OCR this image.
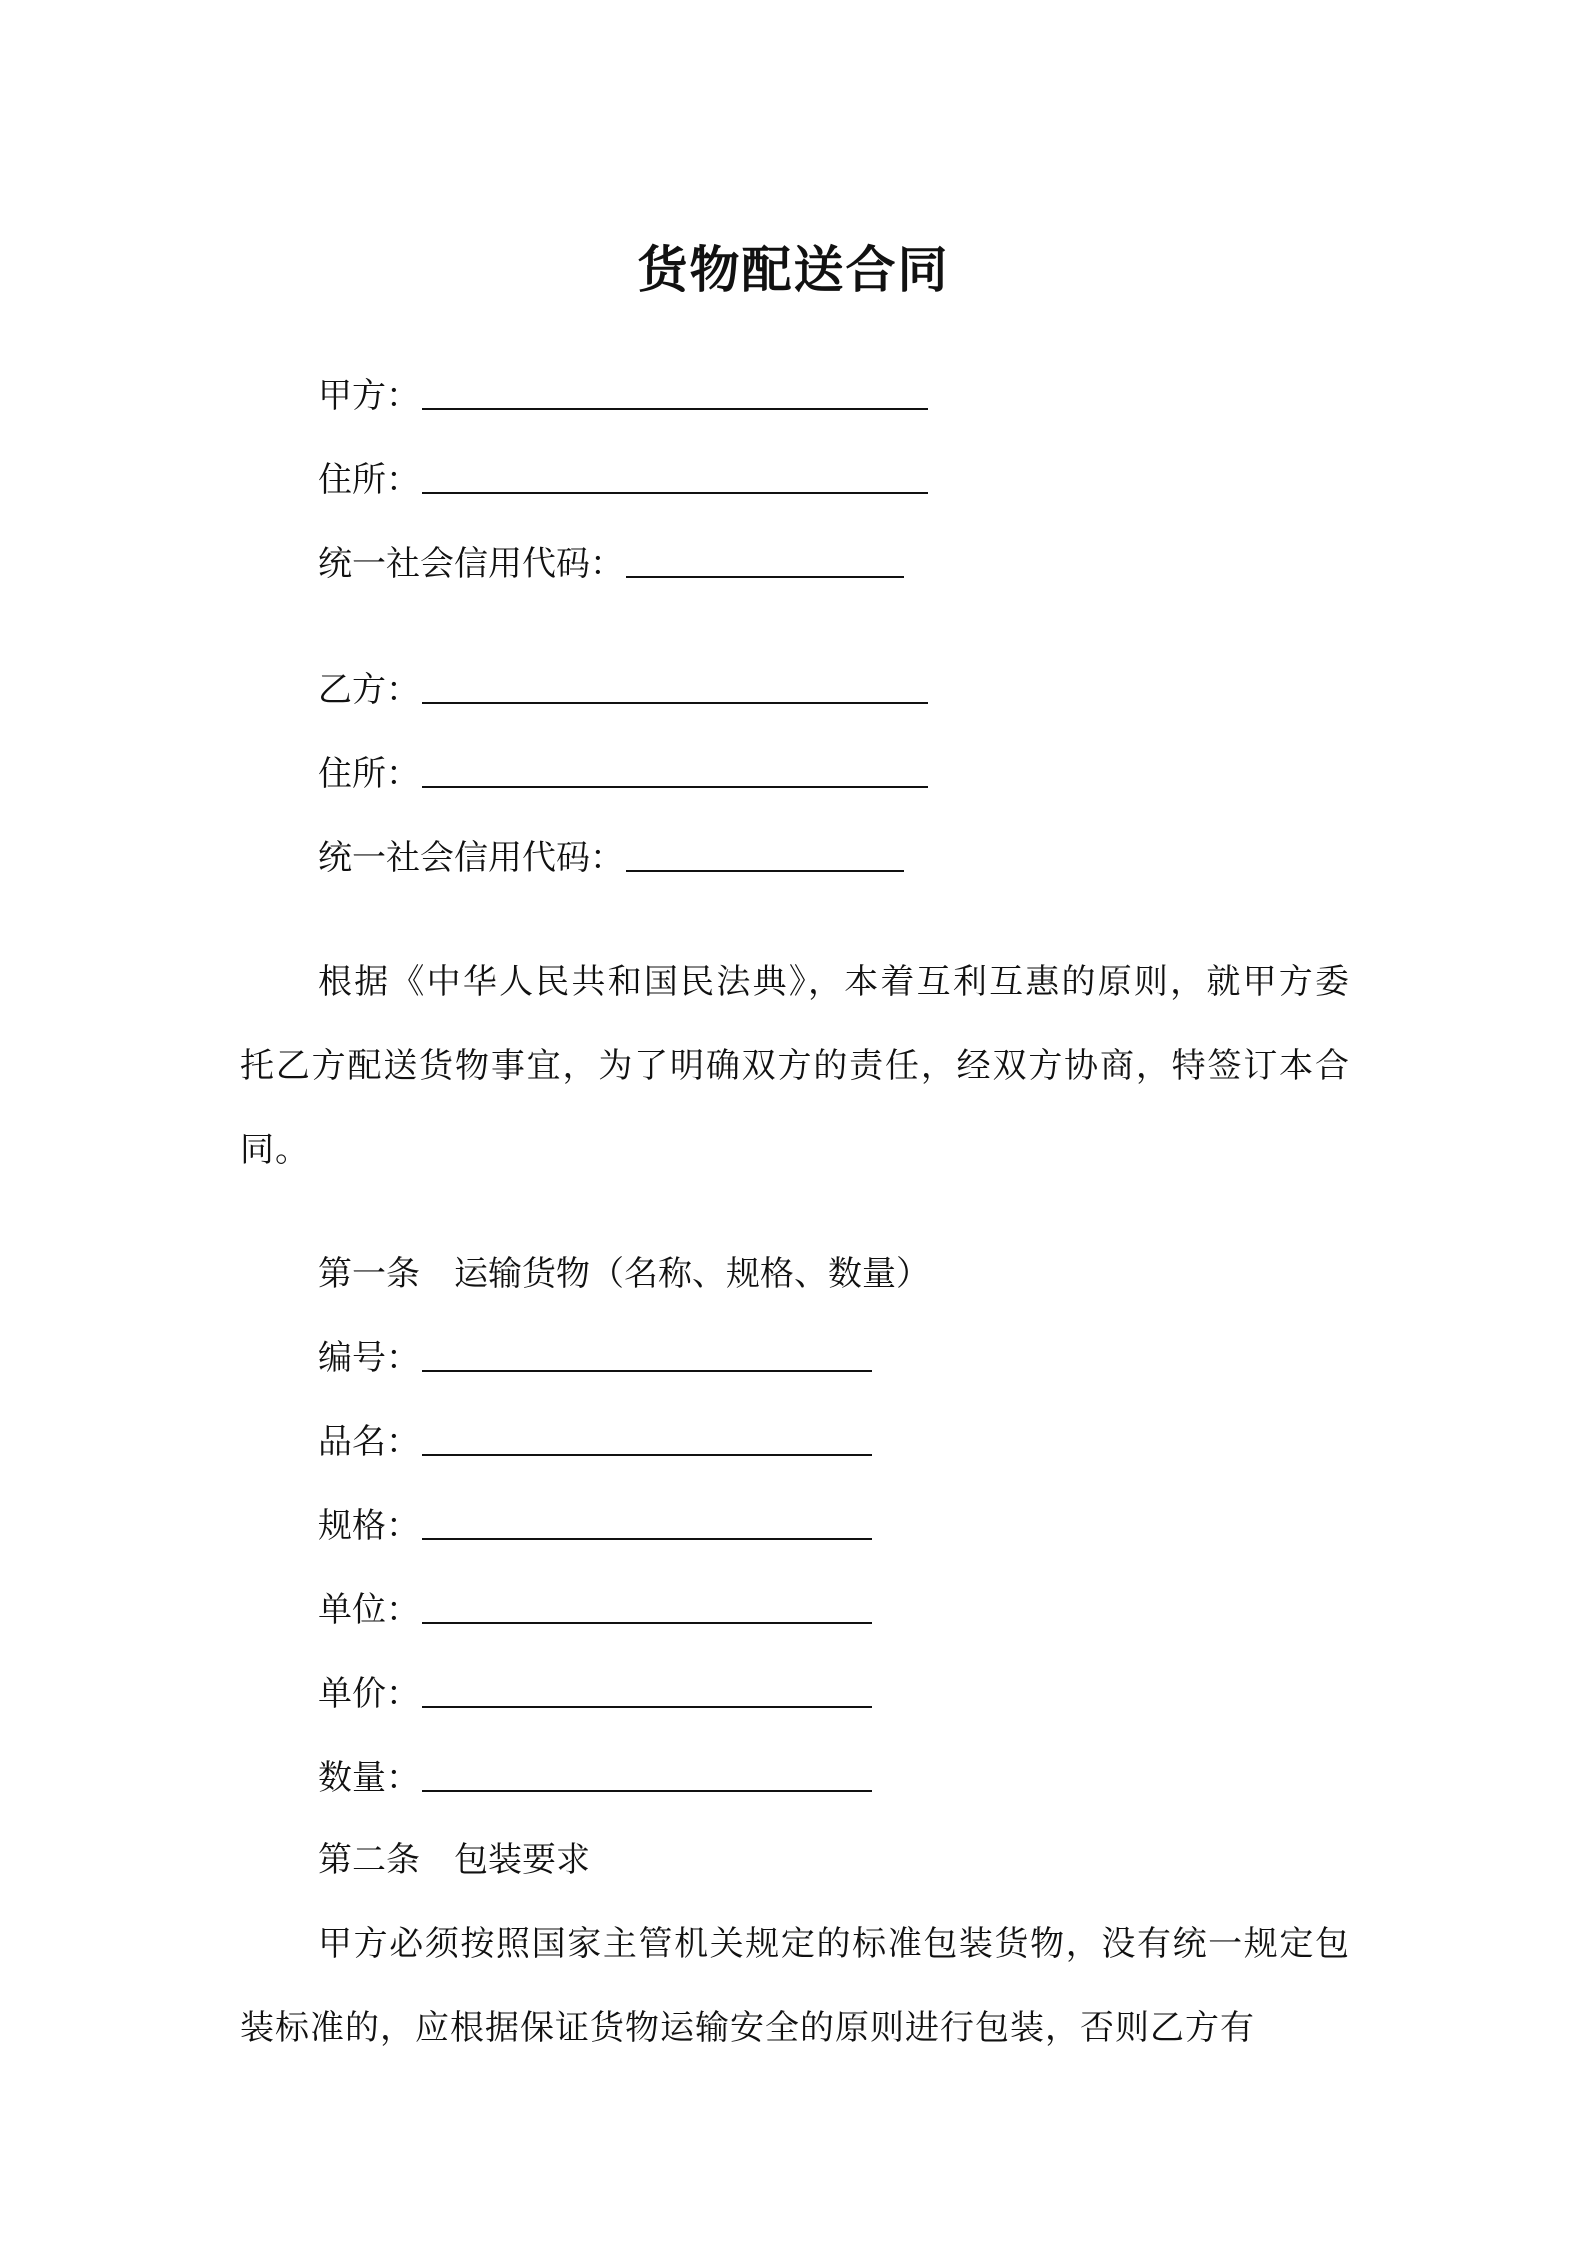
货物配送合同
甲方：
住所：
统一社会信用代码：
乙方：
住所：
统一社会信用代码：
根据《中华人民共和国民法典》，本着互利互惠的原则，就甲方委托乙方配送货物事宜，为了明确双方的责任，经双方协商，特签订本合同。
第一条　运输货物（名称、规格、数量）
编号：
品名：
规格：
单位：
单价：
数量：
第二条　包装要求
甲方必须按照国家主管机关规定的标准包装货物，没有统一规定包装标准的，应根据保证货物运输安全的原则进行包装，否则乙方有
